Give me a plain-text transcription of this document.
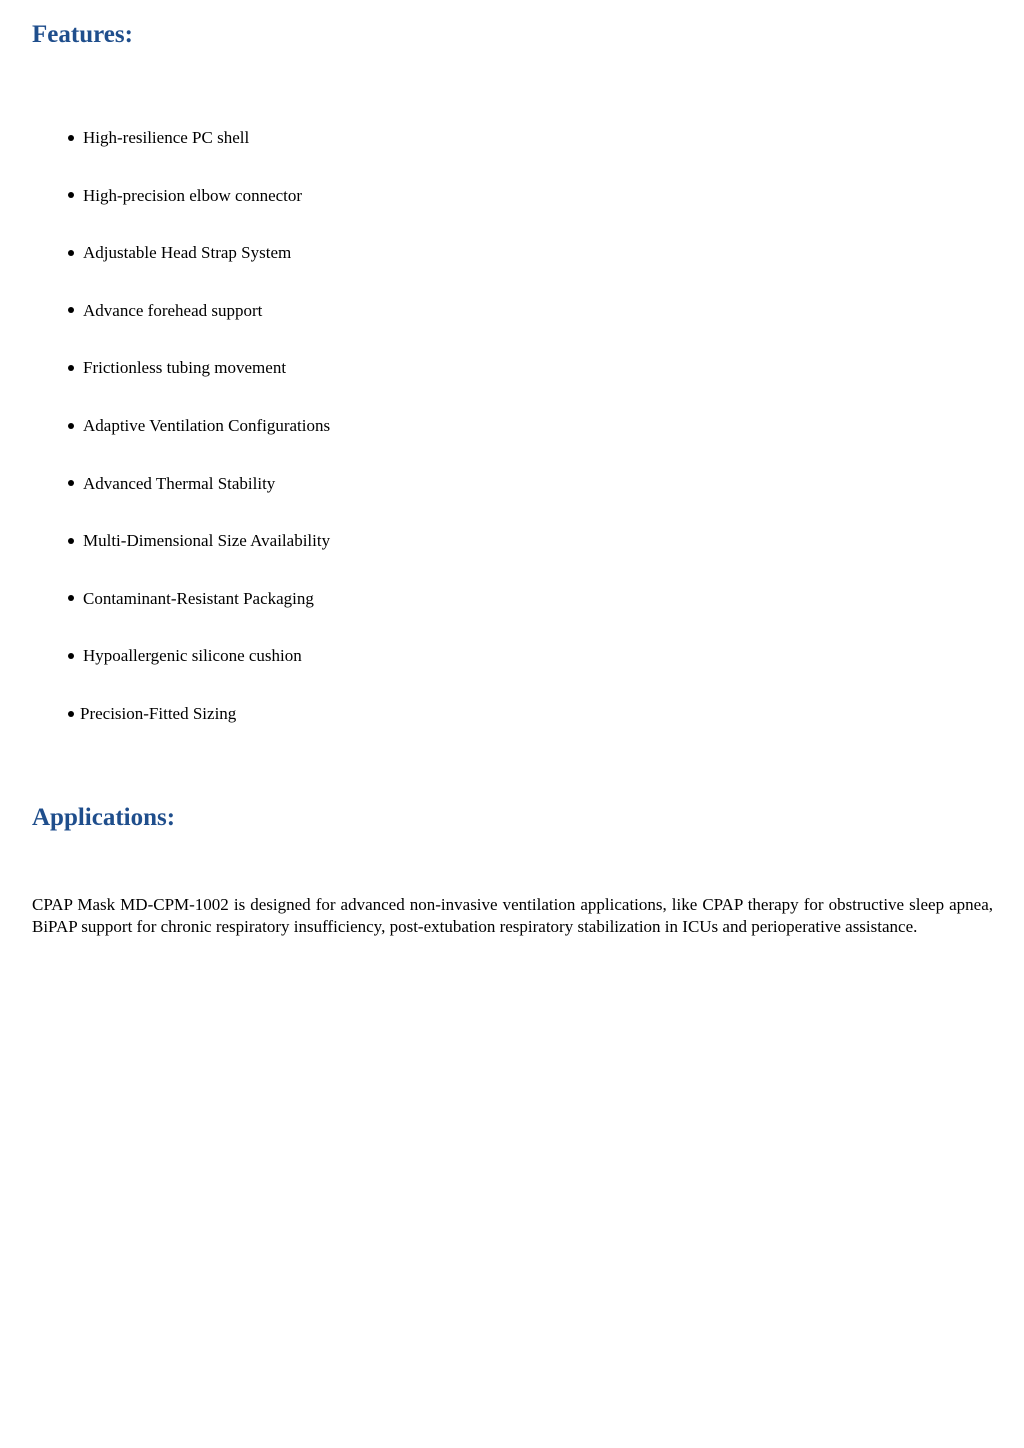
Features:
High-resilience PC shell
High-precision elbow connector
Adjustable Head Strap System
Advance forehead support
Frictionless tubing movement
Adaptive Ventilation Configurations
Advanced Thermal Stability
Multi-Dimensional Size Availability
Contaminant-Resistant Packaging
Hypoallergenic silicone cushion
Precision-Fitted Sizing
Applications:

CPAP Mask MD-CPM-1002 is designed for advanced non-invasive ventilation applications, like CPAP therapy for obstructive sleep apnea, BiPAP support for chronic respiratory insufficiency, post-extubation respiratory stabilization in ICUs and perioperative assistance.
